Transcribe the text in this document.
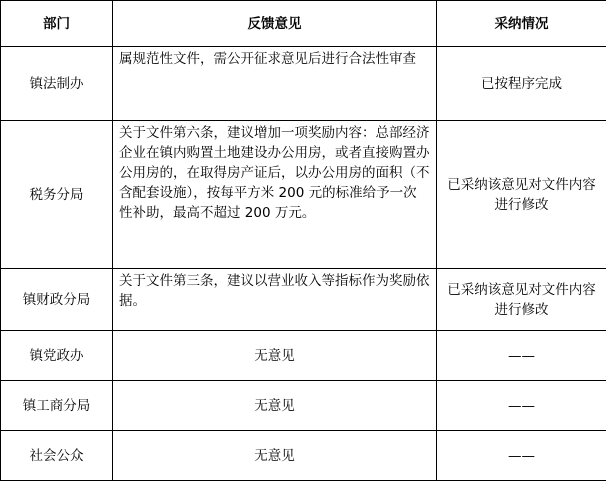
部门	反馈意见	采纳情况
镇法制办	属规范性文件，需公开征求意见后进行合法性审查	已按程序完成
税务分局	关于文件第六条，建议增加一项奖励内容：总部经济企业在镇内购置土地建设办公用房，或者直接购置办公用房的，在取得房产证后，以办公用房的面积（不含配套设施），按每平方米 200 元的标准给予一次性补助，最高不超过 200 万元。	已采纳该意见对文件内容进行修改
镇财政分局	关于文件第三条，建议以营业收入等指标作为奖励依据。	已采纳该意见对文件内容进行修改
镇党政办	无意见	——
镇工商分局	无意见	——
社会公众	无意见	——
